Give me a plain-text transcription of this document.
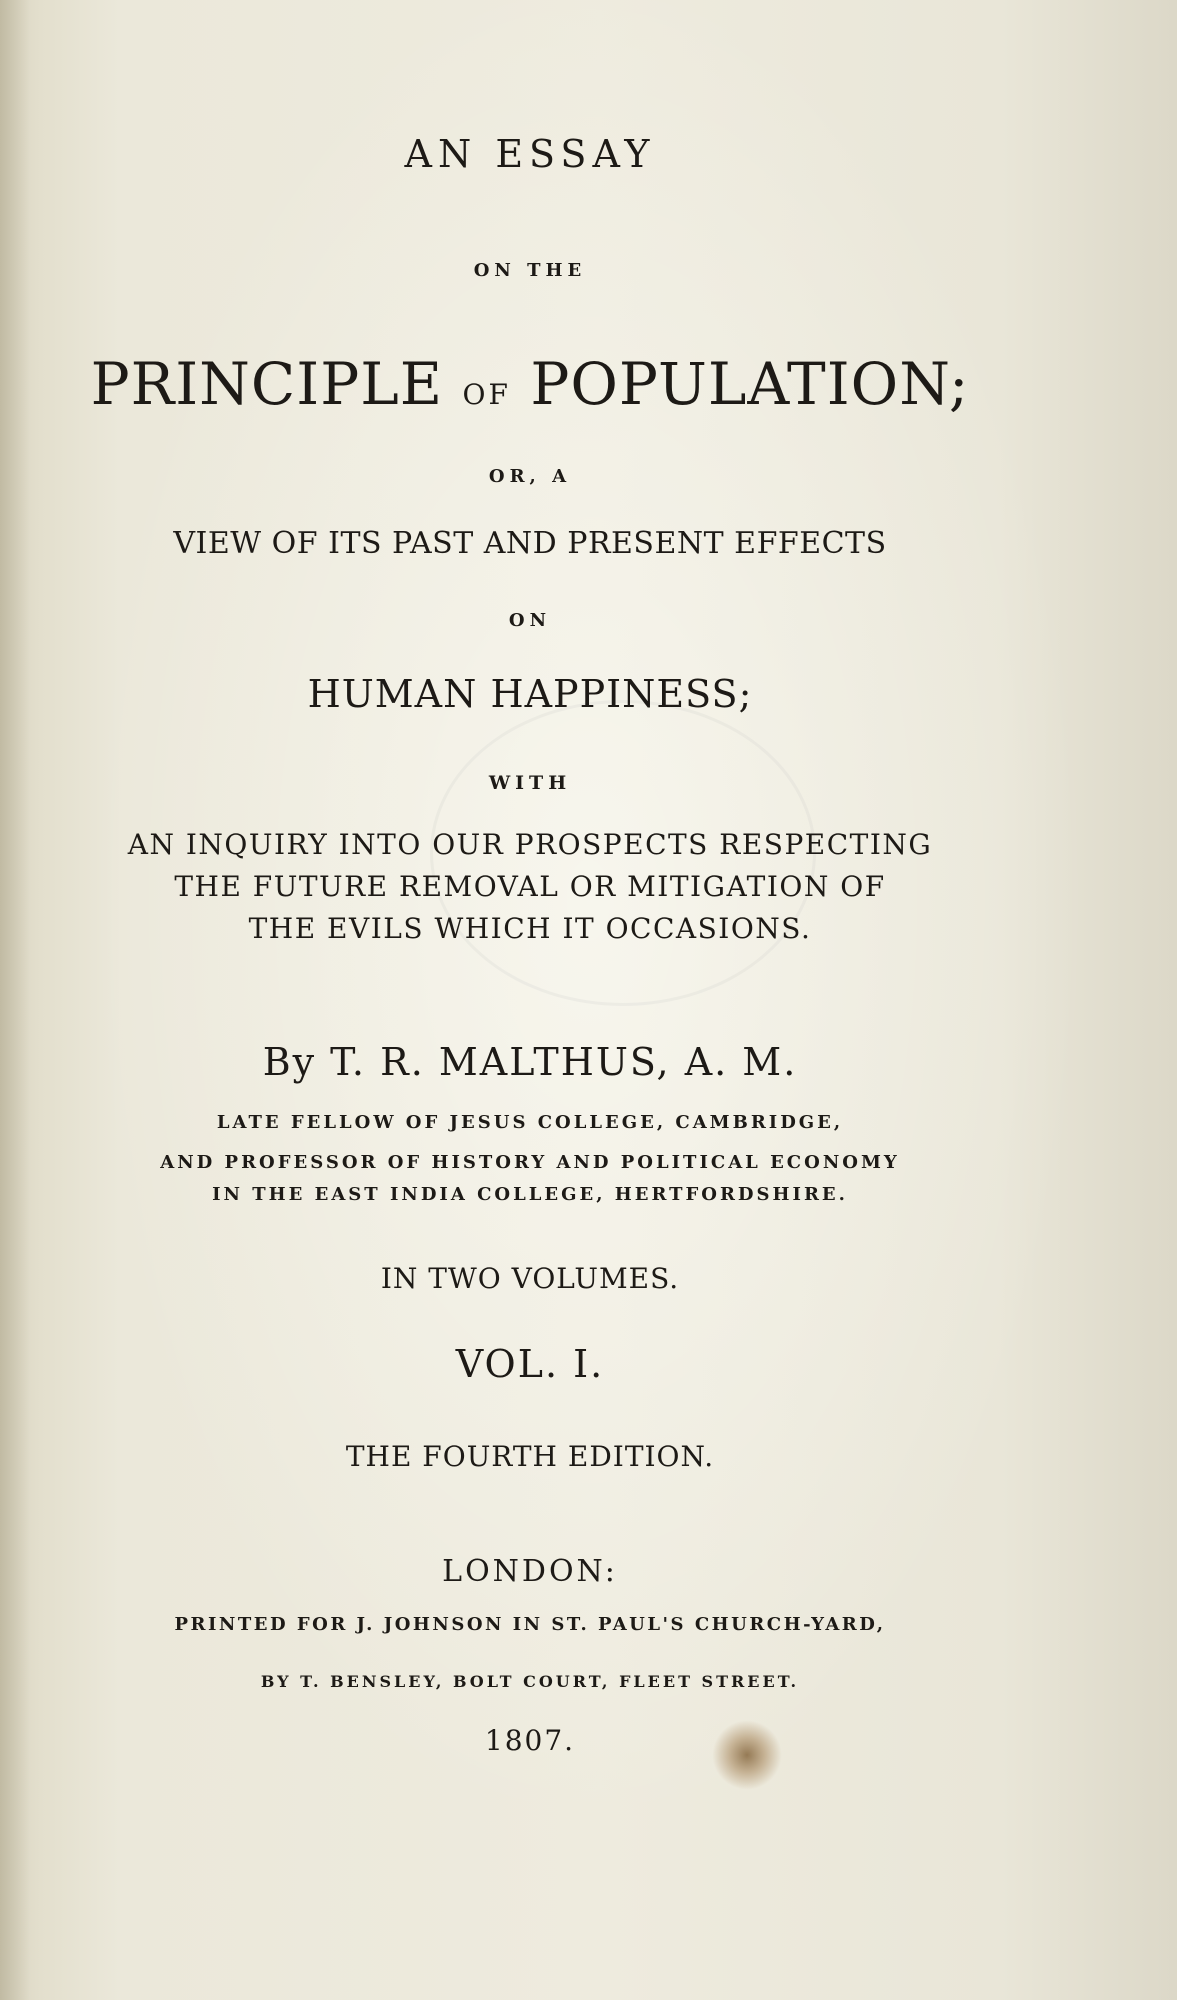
AN ESSAY
ON THE
PRINCIPLE OF POPULATION;
OR, A
VIEW OF ITS PAST AND PRESENT EFFECTS
ON
HUMAN HAPPINESS;
WITH
AN INQUIRY INTO OUR PROSPECTS RESPECTING
THE FUTURE REMOVAL OR MITIGATION OF
THE EVILS WHICH IT OCCASIONS.
By T. R. MALTHUS, A. M.
LATE FELLOW OF JESUS COLLEGE, CAMBRIDGE,
AND PROFESSOR OF HISTORY AND POLITICAL ECONOMY
IN THE EAST INDIA COLLEGE, HERTFORDSHIRE.
IN TWO VOLUMES.
VOL. I.
THE FOURTH EDITION.
LONDON:
PRINTED FOR J. JOHNSON IN ST. PAUL'S CHURCH-YARD,
BY T. BENSLEY, BOLT COURT, FLEET STREET.
1807.
